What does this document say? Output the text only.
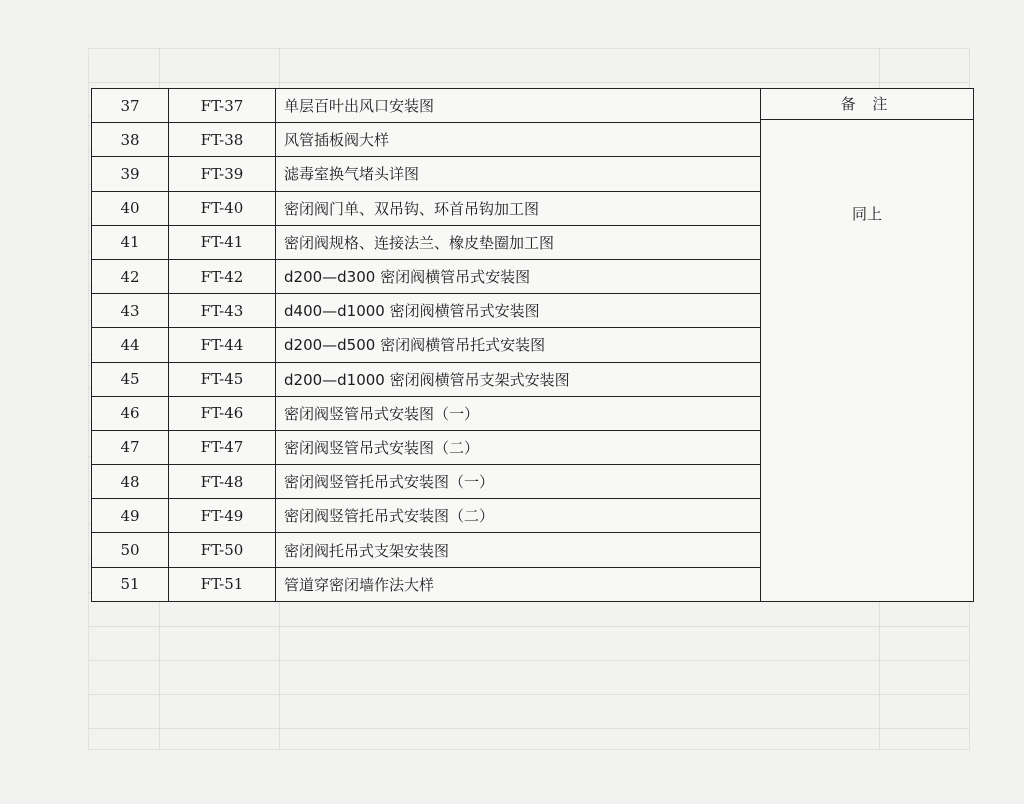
37	FT-37	单层百叶出风口安装图	备 注
同上

38	FT-38	风管插板阀大样	
39	FT-39	滤毒室换气堵头详图	
40	FT-40	密闭阀门单、双吊钩、环首吊钩加工图	
41	FT-41	密闭阀规格、连接法兰、橡皮垫圈加工图	
42	FT-42	d200—d300 密闭阀横管吊式安装图	
43	FT-43	d400—d1000 密闭阀横管吊式安装图	
44	FT-44	d200—d500 密闭阀横管吊托式安装图	
45	FT-45	d200—d1000 密闭阀横管吊支架式安装图	
46	FT-46	密闭阀竖管吊式安装图（一）	
47	FT-47	密闭阀竖管吊式安装图（二）	
48	FT-48	密闭阀竖管托吊式安装图（一）	
49	FT-49	密闭阀竖管托吊式安装图（二）	
50	FT-50	密闭阀托吊式支架安装图	
51	FT-51	管道穿密闭墙作法大样	
